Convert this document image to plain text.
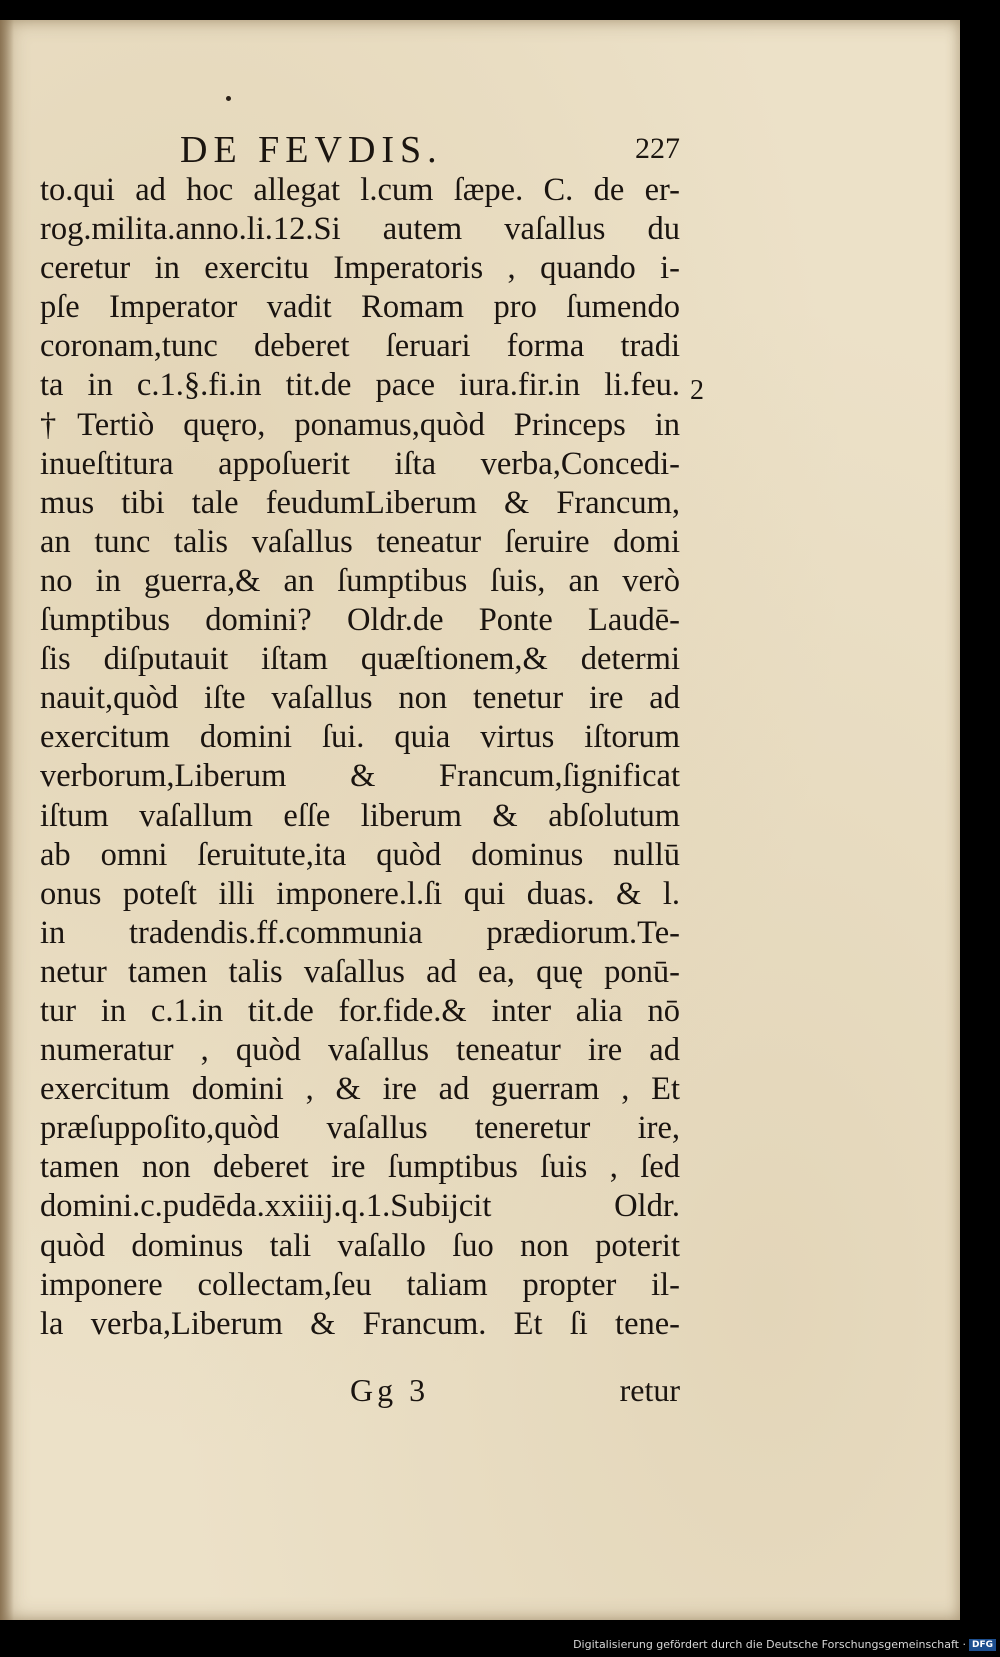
DE FEVDIS.	227
2
to.qui ad hoc allegat l.cum ſæpe. C. de er-
rog.milita.anno.li.12.Si autem vaſallus du
ceretur in exercitu Imperatoris , quando i-
pſe Imperator vadit Romam pro ſumendo
coronam,tunc deberet ſeruari forma tradi
ta in c.1.§.fi.in tit.de pace iura.fir.in li.feu.
†Tertiò quęro, ponamus,quòd Princeps in
inueſtitura appoſuerit iſta verba,Concedi-
mus tibi tale feudumLiberum & Francum,
an tunc talis vaſallus teneatur ſeruire domi
no in guerra,& an ſumptibus ſuis, an verò
ſumptibus domini? Oldr.de Ponte Laudē-
ſis diſputauit iſtam quæſtionem,& determi
nauit,quòd iſte vaſallus non tenetur ire ad
exercitum domini ſui. quia virtus iſtorum
verborum,Liberum & Francum,ſignificat
iſtum vaſallum eſſe liberum & abſolutum
ab omni ſeruitute,ita quòd dominus nullū
onus poteſt illi imponere.l.ſi qui duas. & l.
in tradendis.ff.communia prædiorum.Te-
netur tamen talis vaſallus ad ea, quę ponū-
tur in c.1.in tit.de for.fide.& inter alia nō
numeratur , quòd vaſallus teneatur ire ad
exercitum domini , & ire ad guerram , Et
præſuppoſito,quòd vaſallus teneretur ire,
tamen non deberet ire ſumptibus ſuis , ſed
domini.c.pudēda.xxiiij.q.1.Subijcit Oldr.
quòd dominus tali vaſallo ſuo non poterit
imponere collectam,ſeu taliam propter il-
la verba,Liberum & Francum. Et ſi tene-
Gg 3	retur
Digitalisierung gefördert durch die Deutsche Forschungsgemeinschaft · DFG
